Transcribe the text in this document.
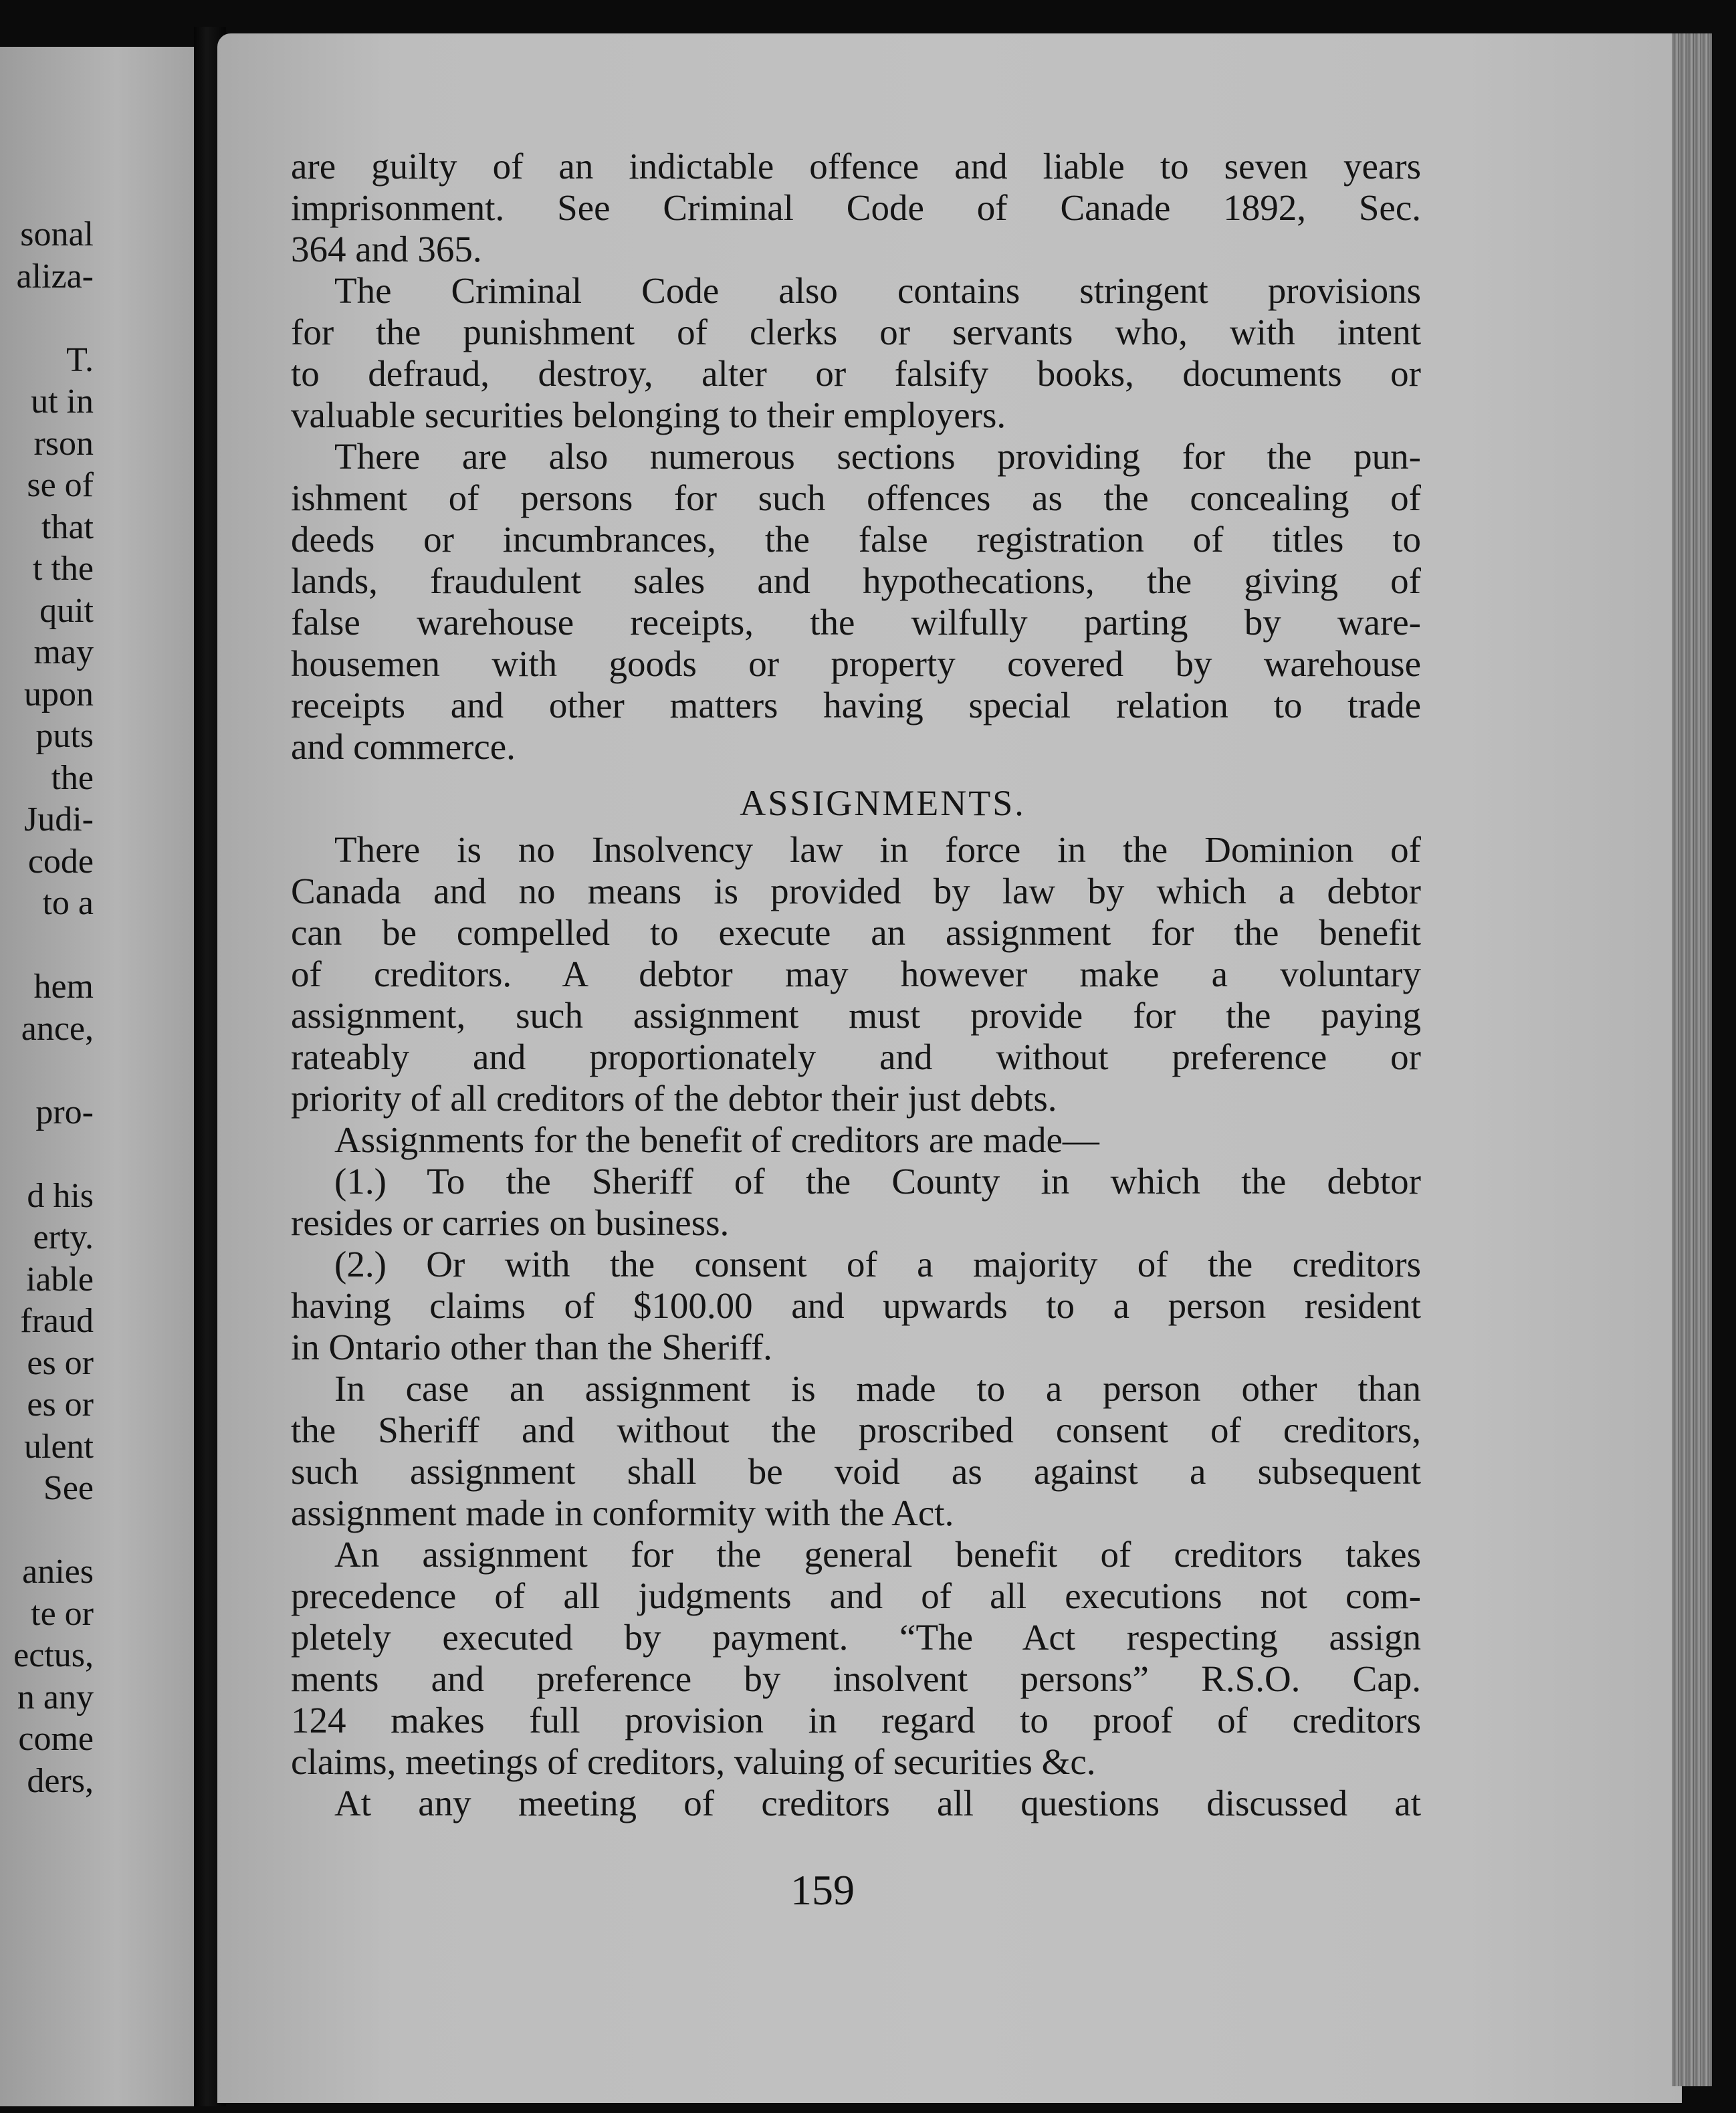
sonal
aliza-
T.
ut in
rson
se of
that
t the
quit
may
upon
puts
the
Judi-
code
to a
hem
ance,
pro-
d his
erty.
iable
fraud
es or
es or
ulent
See
anies
te or
ectus,
n any
come
ders,
are guilty of an indictable offence and liable to seven years
imprisonment. See Criminal Code of Canade 1892, Sec.
364 and 365.
The Criminal Code also contains stringent provisions
for the punishment of clerks or servants who, with intent
to defraud, destroy, alter or falsify books, documents or
valuable securities belonging to their employers.
There are also numerous sections providing for the pun-
ishment of persons for such offences as the concealing of
deeds or incumbrances, the false registration of titles to
lands, fraudulent sales and hypothecations, the giving of
false warehouse receipts, the wilfully parting by ware-
housemen with goods or property covered by warehouse
receipts and other matters having special relation to trade
and commerce.
ASSIGNMENTS.
There is no Insolvency law in force in the Dominion of
Canada and no means is provided by law by which a debtor
can be compelled to execute an assignment for the benefit
of creditors. A debtor may however make a voluntary
assignment, such assignment must provide for the paying
rateably and proportionately and without preference or
priority of all creditors of the debtor their just debts.
Assignments for the benefit of creditors are made—
(1.) To the Sheriff of the County in which the debtor
resides or carries on business.
(2.) Or with the consent of a majority of the creditors
having claims of $100.00 and upwards to a person resident
in Ontario other than the Sheriff.
In case an assignment is made to a person other than
the Sheriff and without the proscribed consent of creditors,
such assignment shall be void as against a subsequent
assignment made in conformity with the Act.
An assignment for the general benefit of creditors takes
precedence of all judgments and of all executions not com-
pletely executed by payment. “The Act respecting assign
ments and preference by insolvent persons” R.S.O. Cap.
124 makes full provision in regard to proof of creditors
claims, meetings of creditors, valuing of securities &c.
At any meeting of creditors all questions discussed at
159
